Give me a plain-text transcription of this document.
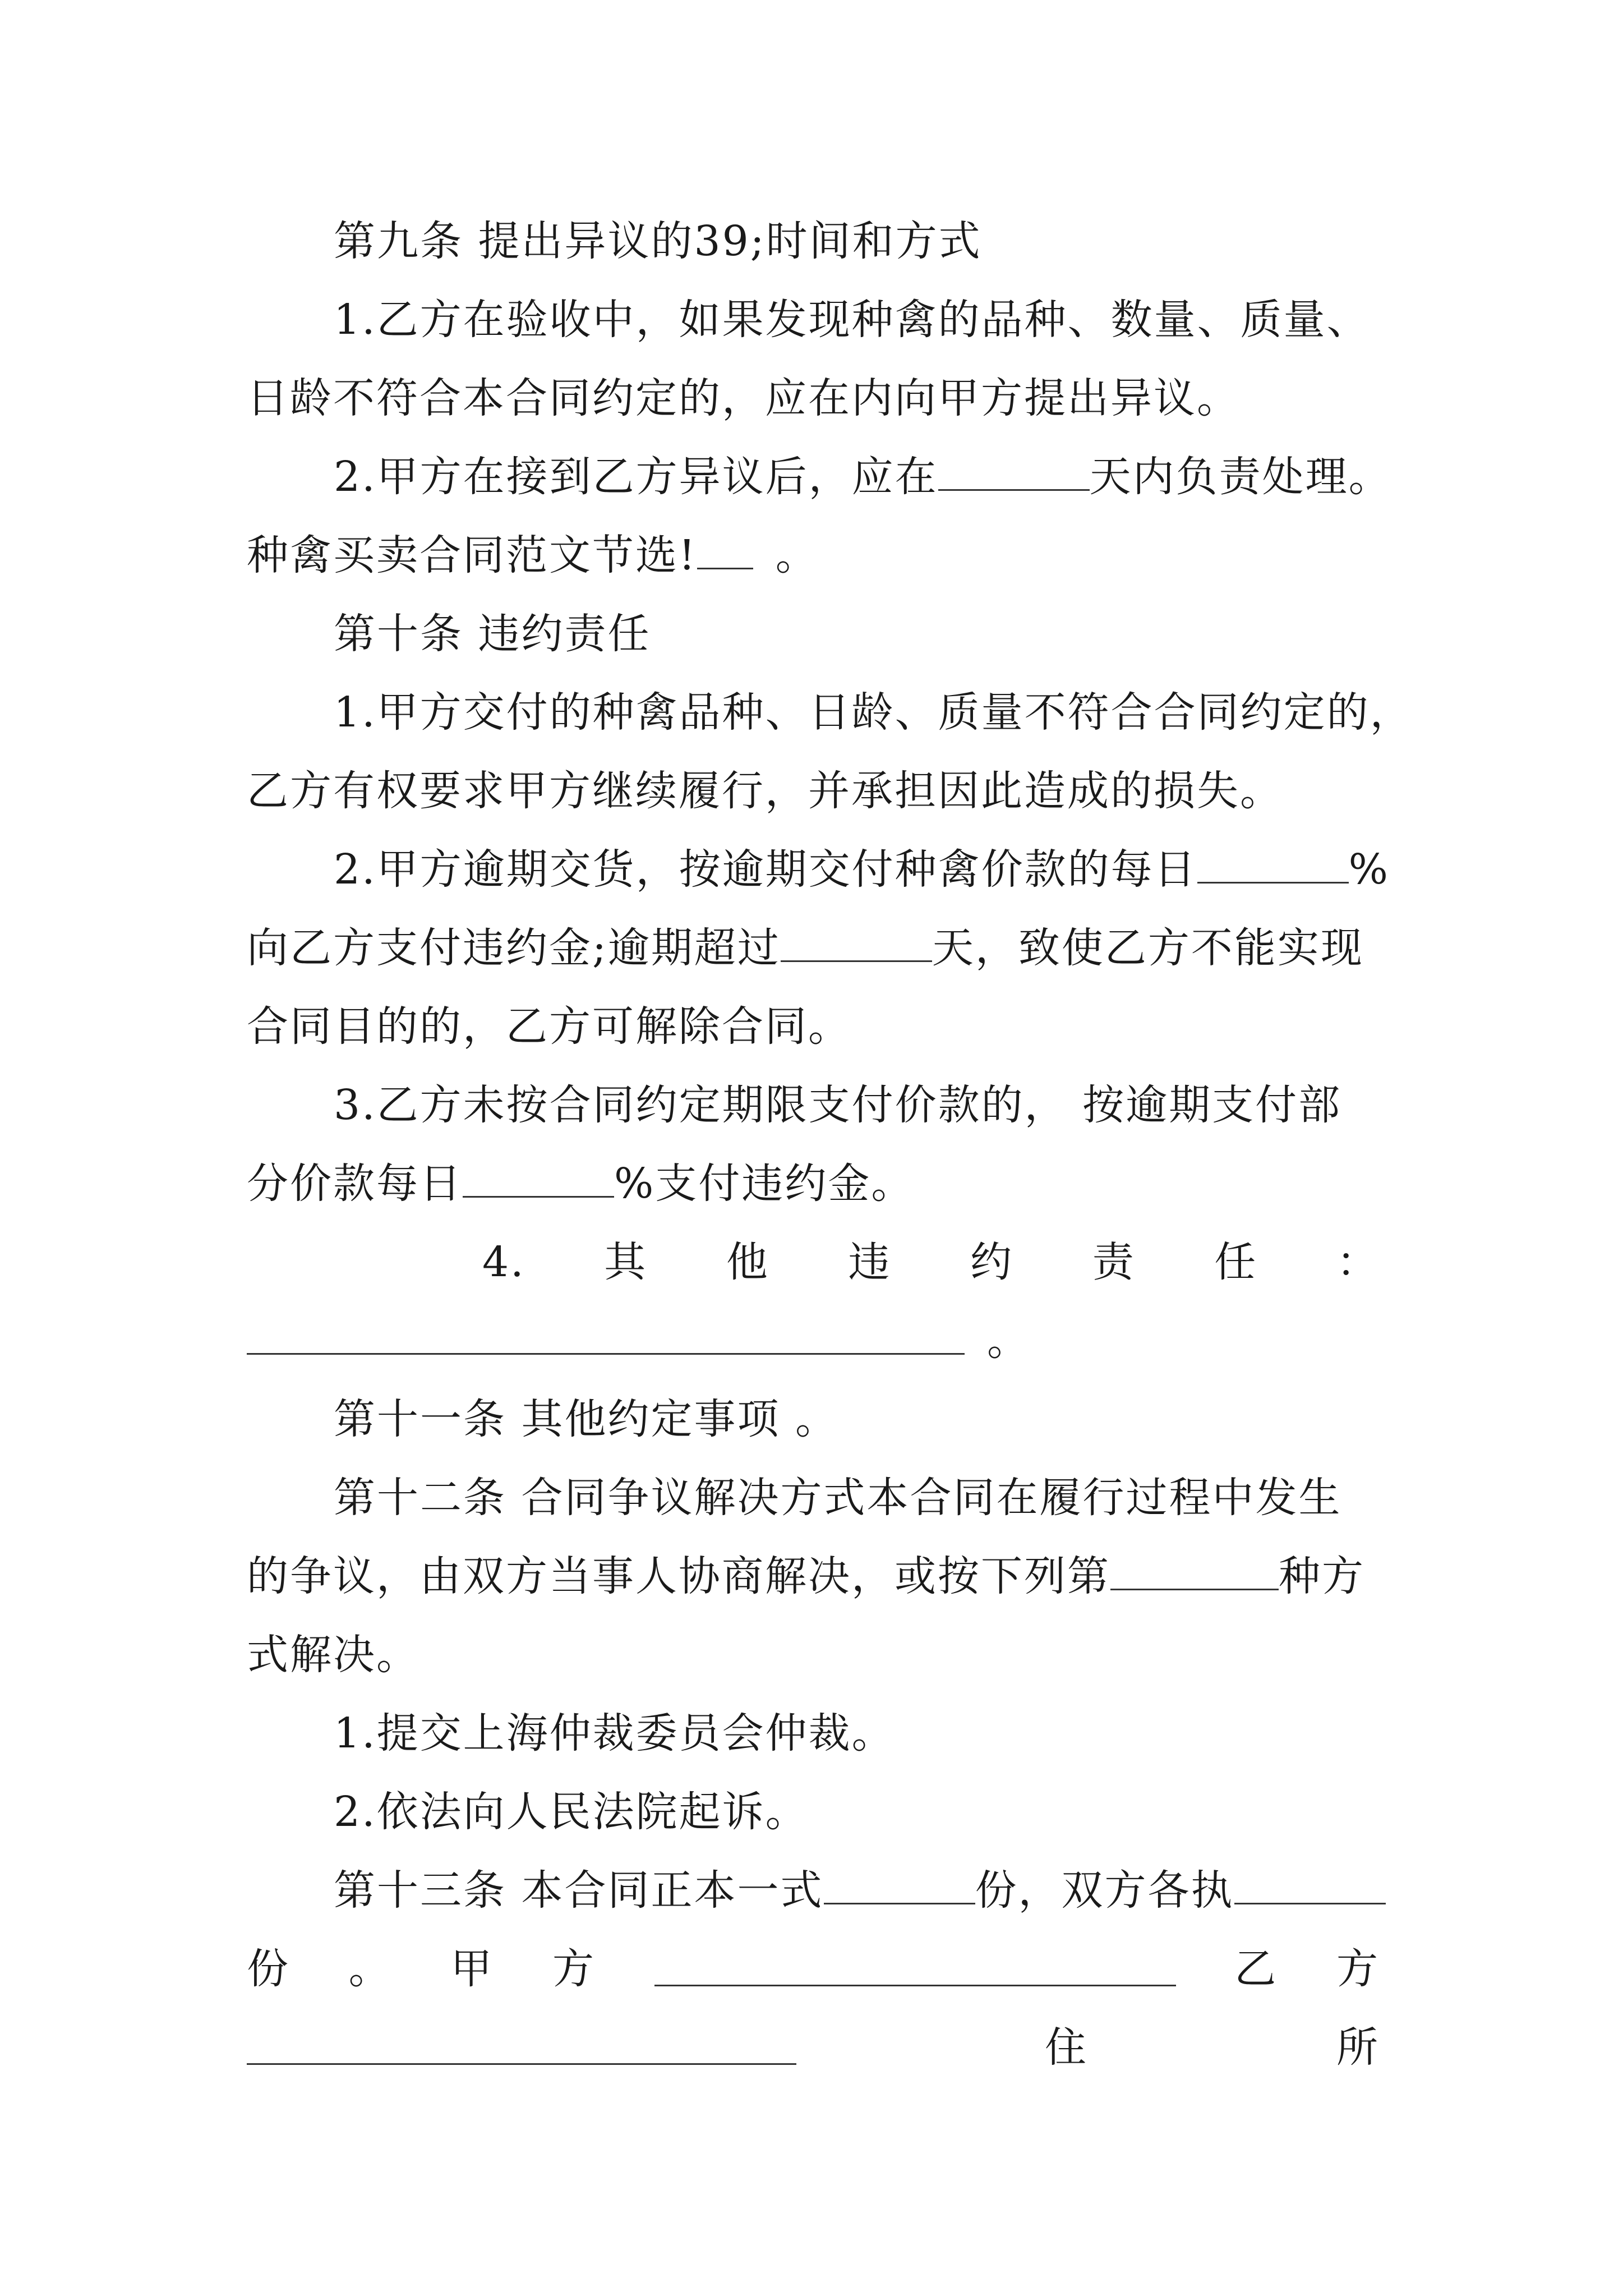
第九条 提出异议的39;时间和方式
1.乙方在验收中，如果发现种禽的品种、数量、质量、
日龄不符合本合同约定的，应在内向甲方提出异议。
2.甲方在接到乙方异议后，应在	天内负责处理。
种禽买卖合同范文节选! 。
第十条 违约责任
1.甲方交付的种禽品种、日龄、质量不符合合同约定的，
乙方有权要求甲方继续履行，并承担因此造成的损失。
2.甲方逾期交货，按逾期交付种禽价款的每日	%
向乙方支付违约金;逾期超过	天，致使乙方不能实现
合同目的的，乙方可解除合同。
3.乙方未按合同约定期限支付价款的， 按逾期支付部
分价款每日	%支付违约金。
4. 其 他 违 约 责 任 ：
。
第十一条 其他约定事项 。
第十二条 合同争议解决方式本合同在履行过程中发生
的争议，由双方当事人协商解决，或按下列第	种方
式解决。
1.提交上海仲裁委员会仲裁。
2.依法向人民法院起诉。
第十三条 本合同正本一式	份，双方各执
份 。 甲 方	乙 方
住	所
